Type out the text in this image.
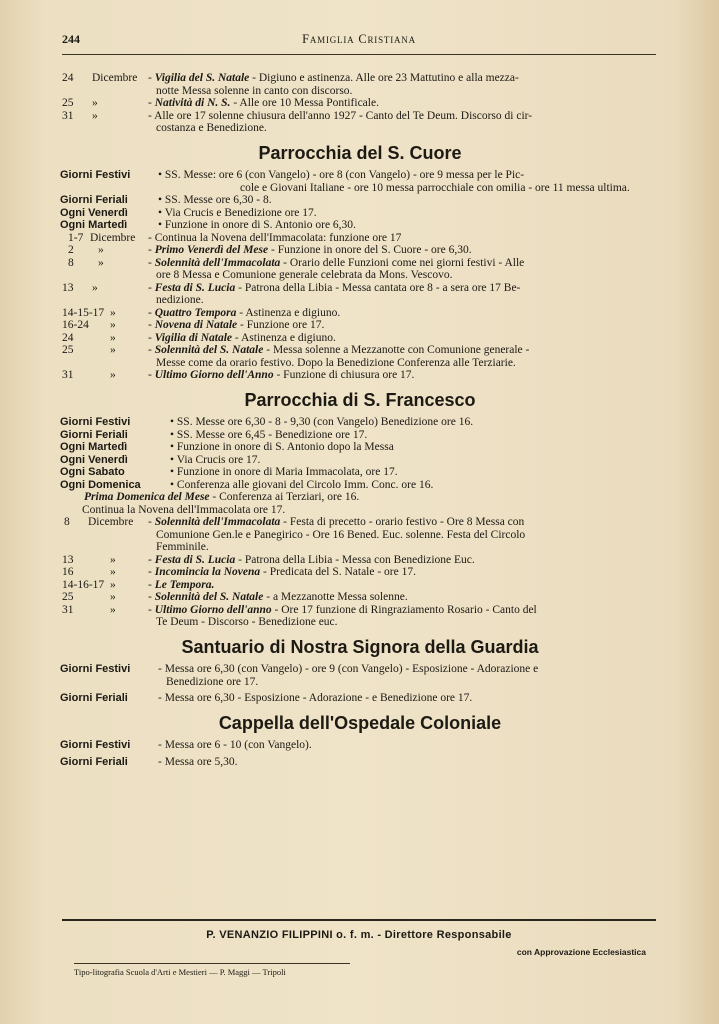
244	Famiglia Cristiana
24 Dicembre - Vigilia del S. Natale - Digiuno e astinenza. Alle ore 23 Mattutino e alla mezza-
notte Messa solenne in canto con discorso.
25 »	- Natività di N. S. - Alle ore 10 Messa Pontificale.
31 »	- Alle ore 17 solenne chiusura dell'anno 1927 - Canto del Te Deum. Discorso di cir-
costanza e Benedizione.
Parrocchia del S. Cuore
Giorni Festivi	• SS. Messe: ore 6 (con Vangelo) - ore 8 (con Vangelo) - ore 9 messa per le Pic-
cole e Giovani Italiane - ore 10 messa parrocchiale con omilia - ore 11 messa ultima.
Giorni Feriali	• SS. Messe ore 6,30 - 8.
Ogni Venerdì	• Via Crucis e Benedizione ore 17.
Ogni Martedì	• Funzione in onore di S. Antonio ore 6,30.
1-7 Dicembre	- Continua la Novena dell'Immacolata: funzione ore 17
2 »	- Primo Venerdì del Mese - Funzione in onore del S. Cuore - ore 6,30.
8 »	- Solennità dell'Immacolata - Orario delle Funzioni come nei giorni festivi - Alle
ore 8 Messa e Comunione generale celebrata da Mons. Vescovo.
13 »	- Festa di S. Lucia - Patrona della Libia - Messa cantata ore 8 - a sera ore 17 Be-
nedizione.
14-15-17 »	- Quattro Tempora - Astinenza e digiuno.
16-24 »	- Novena di Natale - Funzione ore 17.
24	»	- Vigilia di Natale - Astinenza e digiuno.
25	»	- Solennità del S. Natale - Messa solenne a Mezzanotte con Comunione generale -
Messe come da orario festivo. Dopo la Benedizione Conferenza alle Terziarie.
31	»	- Ultimo Giorno dell'Anno - Funzione di chiusura ore 17.
Parrocchia di S. Francesco
Giorni Festivi	• SS. Messe ore 6,30 - 8 - 9,30 (con Vangelo) Benedizione ore 16.
Giorni Feriali	• SS. Messe ore 6,45 - Benedizione ore 17.
Ogni Martedì	• Funzione in onore di S. Antonio dopo la Messa
Ogni Venerdì	• Via Crucis ore 17.
Ogni Sabato	• Funzione in onore di Maria Immacolata, ore 17.
Ogni Domenica	• Conferenza alle giovani del Circolo Imm. Conc. ore 16.
Prima Domenica del Mese - Conferenza ai Terziari, ore 16.
Continua la Novena dell'Immacolata ore 17.
8 Dicembre	- Solennità dell'Immacolata - Festa di precetto - orario festivo - Ore 8 Messa con
Comunione Gen.le e Panegirico - Ore 16 Bened. Euc. solenne. Festa del Circolo
Femminile.
13	»	- Festa di S. Lucia - Patrona della Libia - Messa con Benedizione Euc.
16	»	- Incomincia la Novena - Predicata del S. Natale - ore 17.
14-16-17 »	- Le Tempora.
25	»	- Solennità del S. Natale - a Mezzanotte Messa solenne.
31	»	- Ultimo Giorno dell'anno - Ore 17 funzione di Ringraziamento Rosario - Canto del
Te Deum - Discorso - Benedizione euc.
Santuario di Nostra Signora della Guardia
Giorni Festivi	- Messa ore 6,30 (con Vangelo) - ore 9 (con Vangelo) - Esposizione - Adorazione e
Benedizione ore 17.
Giorni Feriali	- Messa ore 6,30 - Esposizione - Adorazione - e Benedizione ore 17.
Cappella dell'Ospedale Coloniale
Giorni Festivi	- Messa ore 6 - 10 (con Vangelo).
Giorni Feriali	- Messa ore 5,30.
P. VENANZIO FILIPPINI o. f. m. - Direttore Responsabile
con Approvazione Ecclesiastica
Tipo-litografia Scuola d'Arti e Mestieri — P. Maggi — Tripoli
